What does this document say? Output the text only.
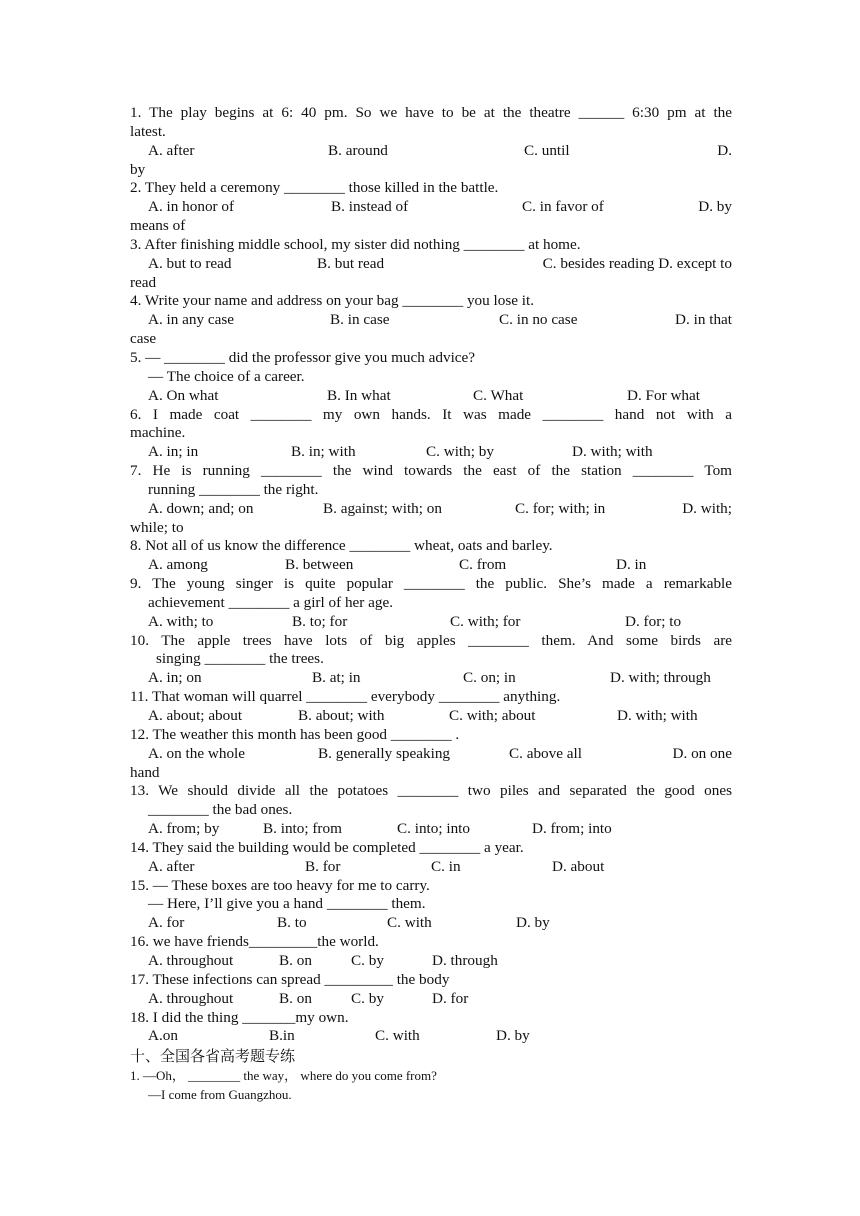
1. The play begins at 6: 40 pm. So we have to be at the theatre ______ 6:30 pm at the
latest.
A. after	B. around	C. until	D.
by
2. They held a ceremony ________ those killed in the battle.
A. in honor of	B. instead of	C. in favor of	D. by
means of
3. After finishing middle school, my sister did nothing ________ at home.
A. but to read	B. but read	C. besides reading D. except to
read
4. Write your name and address on your bag ________ you lose it.
A. in any case	B. in case	C. in no case	D. in that
case
5. — ________ did the professor give you much advice?
— The choice of a career.
A. On what	B. In what	C. What	D. For what
6. I made coat ________ my own hands. It was made ________ hand not with a
machine.
A. in; in	B. in; with	C. with; by	D. with; with
7. He is running ________ the wind towards the east of the station ________ Tom
running ________ the right.
A. down; and; on	B. against; with; on	C. for; with; in	D. with;
while; to
8. Not all of us know the difference ________ wheat, oats and barley.
A. among	B. between	C. from	D. in
9. The young singer is quite popular ________ the public. She’s made a remarkable
achievement ________ a girl of her age.
A. with; to	B. to; for	C. with; for	D. for; to
10. The apple trees have lots of big apples ________ them. And some birds are
singing ________ the trees.
A. in; on	B. at; in	C. on; in	D. with; through
11. That woman will quarrel ________ everybody ________ anything.
A. about; about	B. about; with	C. with; about	D. with; with
12. The weather this month has been good ________ .
A. on the whole	B. generally speaking	C. above all	D. on one
hand
13. We should divide all the potatoes ________ two piles and separated the good ones
________ the bad ones.
A. from; by	B. into; from	C. into; into	D. from; into
14. They said the building would be completed ________ a year.
A. after	B. for	C. in	D. about
15. — These boxes are too heavy for me to carry.
— Here, I’ll give you a hand ________ them.
A. for	B. to	C. with	D. by
16. we have friends_________the world.
A. throughout	B. on	C. by	D. through
17. These infections can spread _________ the body
A. throughout	B. on	C. by	D. for
18. I did the thing _______my own.
A.on	B.in	C. with	D. by
十、全国各省高考题专练
1. —Oh， ________ the way， where do you come from?
—I come from Guangzhou.
